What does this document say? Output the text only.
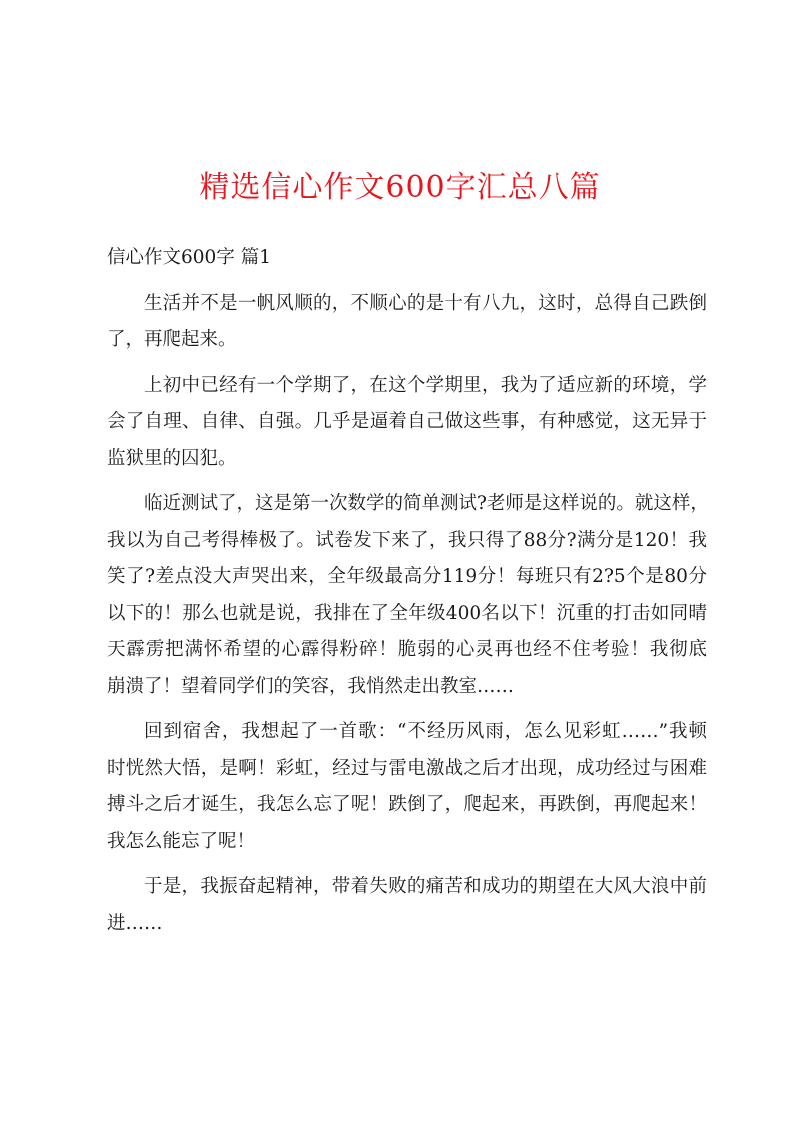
精选信心作文600字汇总八篇
信心作文600字 篇1
生活并不是一帆风顺的，不顺心的是十有八九，这时，总得自己跌倒
了，再爬起来。
上初中已经有一个学期了，在这个学期里，我为了适应新的环境，学
会了自理、自律、自强。几乎是逼着自己做这些事，有种感觉，这无异于
监狱里的囚犯。
临近测试了，这是第一次数学的简单测试?老师是这样说的。就这样，
我以为自己考得棒极了。试卷发下来了，我只得了88分?满分是120！我
笑了?差点没大声哭出来，全年级最高分119分！每班只有2?5个是80分
以下的！那么也就是说，我排在了全年级400名以下！沉重的打击如同晴
天霹雳把满怀希望的心霹得粉碎！脆弱的心灵再也经不住考验！我彻底
崩溃了！望着同学们的笑容，我悄然走出教室……
回到宿舍，我想起了一首歌：“不经历风雨，怎么见彩虹……”我顿
时恍然大悟，是啊！彩虹，经过与雷电激战之后才出现，成功经过与困难
搏斗之后才诞生，我怎么忘了呢！跌倒了，爬起来，再跌倒，再爬起来！
我怎么能忘了呢！
于是，我振奋起精神，带着失败的痛苦和成功的期望在大风大浪中前
进……
